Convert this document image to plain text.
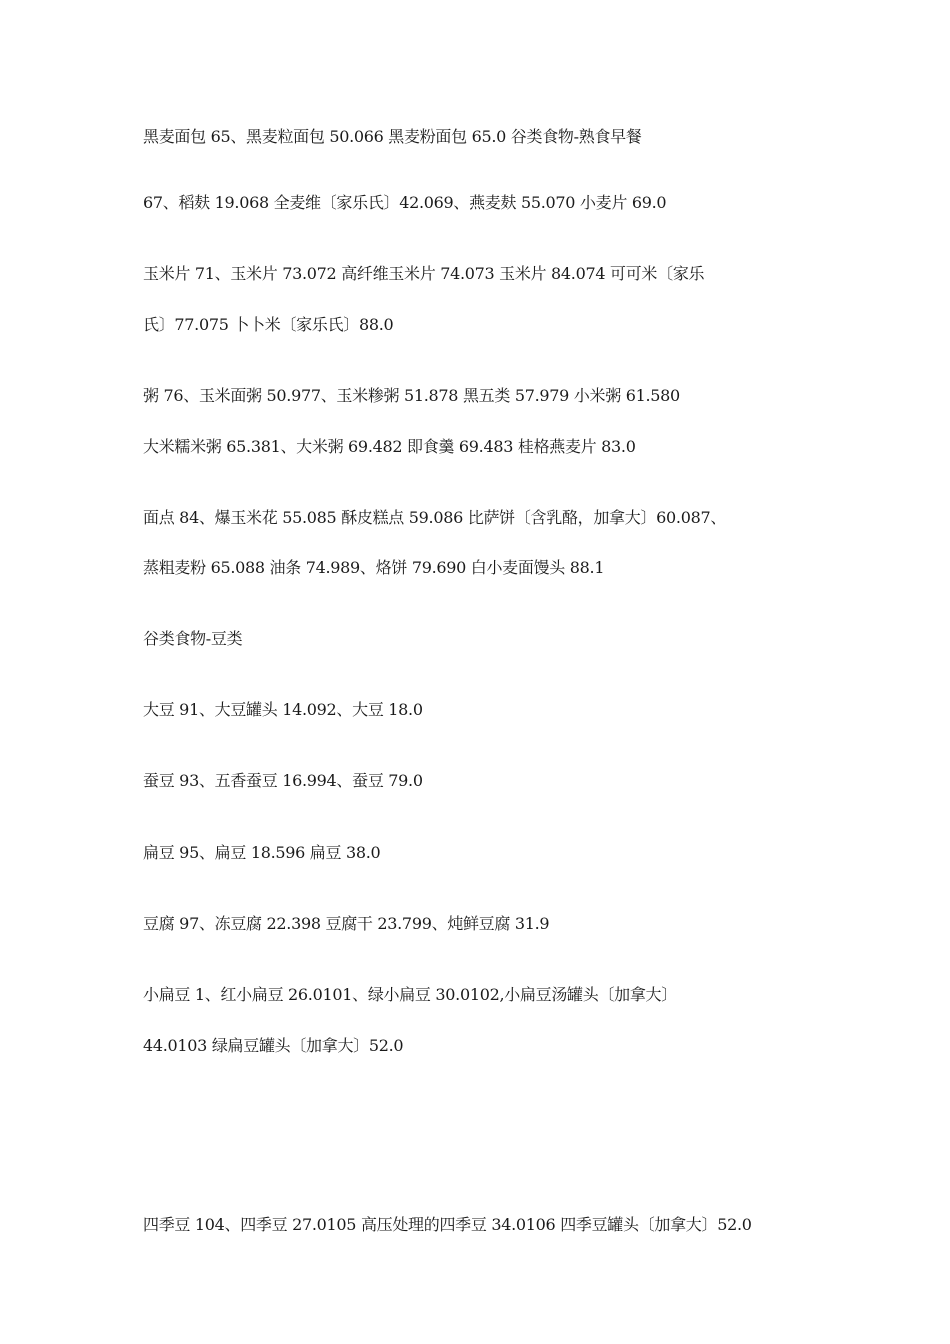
黑麦面包 65、黑麦粒面包 50.066 黑麦粉面包 65.0 谷类食物-熟食早餐
67、稻麸 19.068 全麦维〔家乐氏〕42.069、燕麦麸 55.070 小麦片 69.0
玉米片 71、玉米片 73.072 高纤维玉米片 74.073 玉米片 84.074 可可米〔家乐
氏〕77.075 卜卜米〔家乐氏〕88.0
粥 76、玉米面粥 50.977、玉米糁粥 51.878 黑五类 57.979 小米粥 61.580
大米糯米粥 65.381、大米粥 69.482 即食羹 69.483 桂格燕麦片 83.0
面点 84、爆玉米花 55.085 酥皮糕点 59.086 比萨饼〔含乳酪，加拿大〕60.087、
蒸粗麦粉 65.088 油条 74.989、烙饼 79.690 白小麦面馒头 88.1
谷类食物-豆类
大豆 91、大豆罐头 14.092、大豆 18.0
蚕豆 93、五香蚕豆 16.994、蚕豆 79.0
扁豆 95、扁豆 18.596 扁豆 38.0
豆腐 97、冻豆腐 22.398 豆腐干 23.799、炖鲜豆腐 31.9
小扁豆 1、红小扁豆 26.0101、绿小扁豆 30.0102,小扁豆汤罐头〔加拿大〕
44.0103 绿扁豆罐头〔加拿大〕52.0
四季豆 104、四季豆 27.0105 高压处理的四季豆 34.0106 四季豆罐头〔加拿大〕52.0
